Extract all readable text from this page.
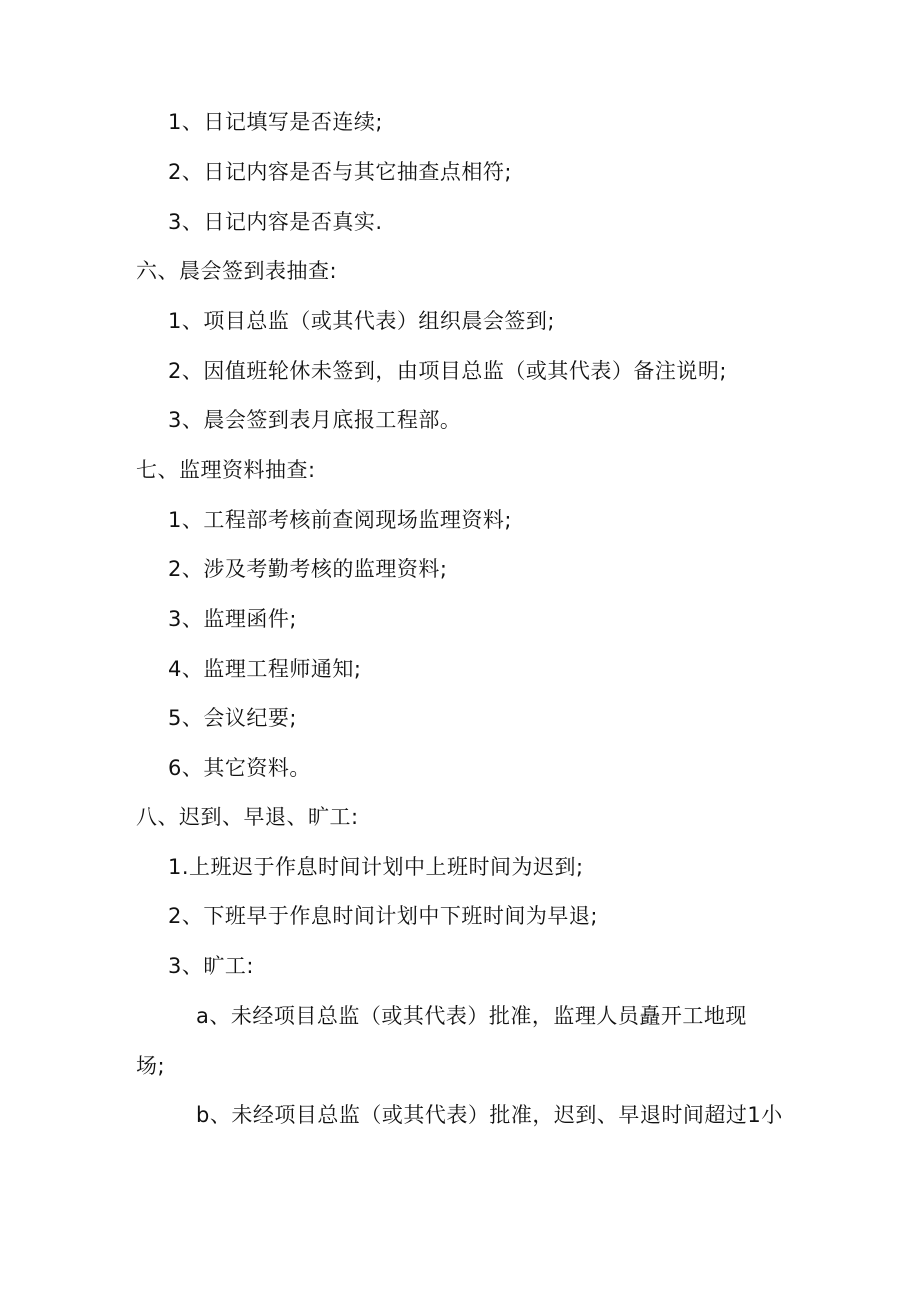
1、日记填写是否连续;
2、日记内容是否与其它抽查点相符;
3、日记内容是否真实.
六、晨会签到表抽查:
1、项目总监（或其代表）组织晨会签到;
2、因值班轮休未签到，由项目总监（或其代表）备注说明;
3、晨会签到表月底报工程部。
七、监理资料抽查:
1、工程部考核前查阅现场监理资料;
2、涉及考勤考核的监理资料;
3、监理函件;
4、监理工程师通知;
5、会议纪要;
6、其它资料。
八、迟到、早退、旷工:
1.上班迟于作息时间计划中上班时间为迟到;
2、下班早于作息时间计划中下班时间为早退;
3、旷工:
a、未经项目总监（或其代表）批准，监理人员矗开工地现
场;
b、未经项目总监（或其代表）批准，迟到、早退时间超过1小
